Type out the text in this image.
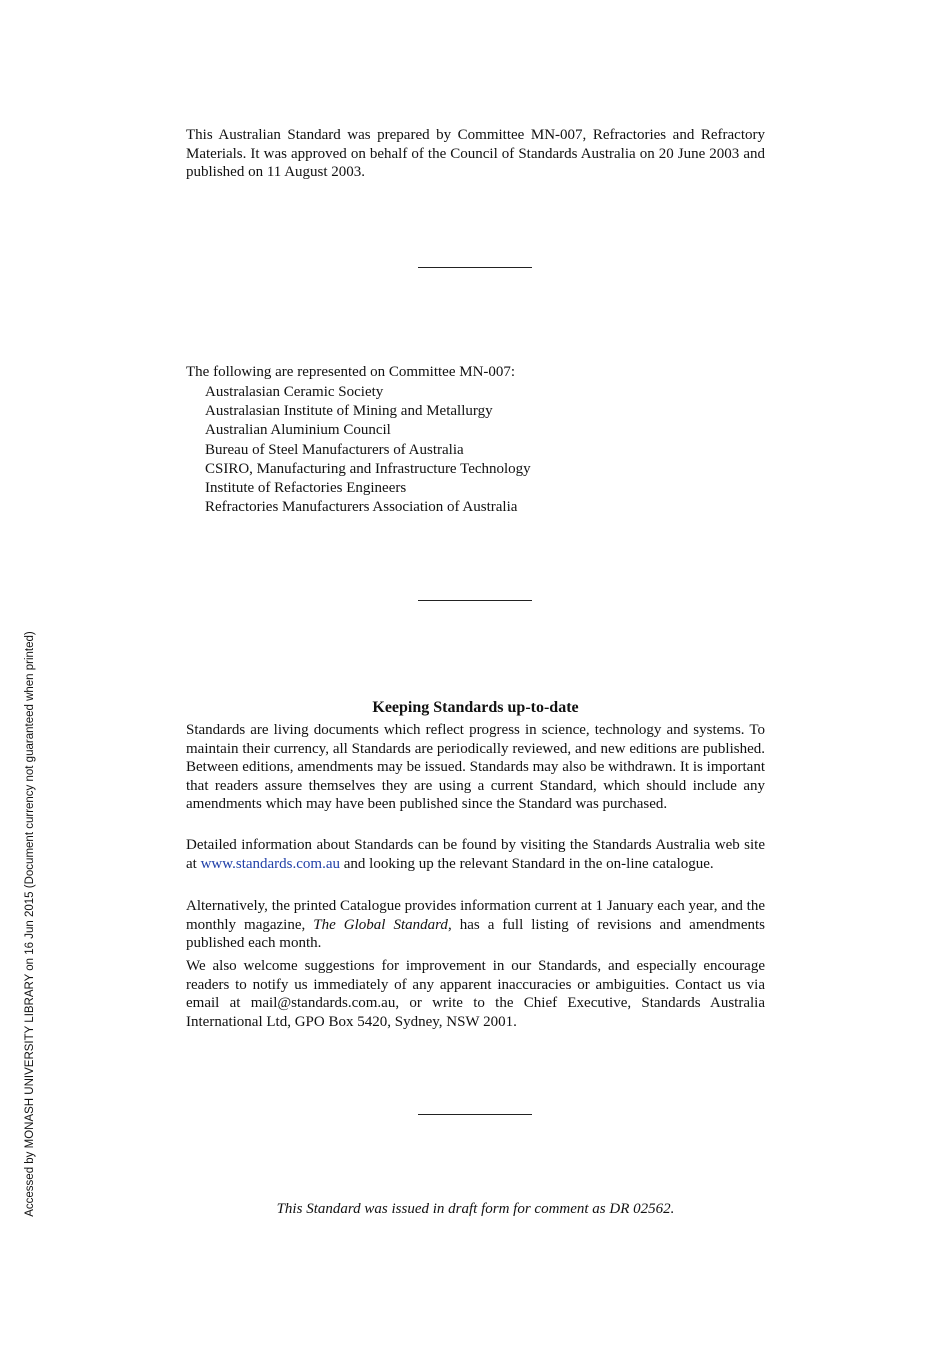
This Australian Standard was prepared by Committee MN-007, Refractories and Refractory Materials. It was approved on behalf of the Council of Standards Australia on 20 June 2003 and published on 11 August 2003.

The following are represented on Committee MN-007:
Australasian Ceramic Society
Australasian Institute of Mining and Metallurgy
Australian Aluminium Council
Bureau of Steel Manufacturers of Australia
CSIRO, Manufacturing and Infrastructure Technology
Institute of Refactories Engineers
Refractories Manufacturers Association of Australia
Keeping Standards up-to-date

Standards are living documents which reflect progress in science, technology and systems. To maintain their currency, all Standards are periodically reviewed, and new editions are published. Between editions, amendments may be issued. Standards may also be withdrawn. It is important that readers assure themselves they are using a current Standard, which should include any amendments which may have been published since the Standard was purchased.

Detailed information about Standards can be found by visiting the Standards Australia web site at www.standards.com.au and looking up the relevant Standard in the on-line catalogue.

Alternatively, the printed Catalogue provides information current at 1 January each year, and the monthly magazine, The Global Standard, has a full listing of revisions and amendments published each month.

We also welcome suggestions for improvement in our Standards, and especially encourage readers to notify us immediately of any apparent inaccuracies or ambiguities. Contact us via email at mail@standards.com.au, or write to the Chief Executive, Standards Australia International Ltd, GPO Box 5420, Sydney, NSW 2001.

This Standard was issued in draft form for comment as DR 02562.
Accessed by MONASH UNIVERSITY LIBRARY on 16 Jun 2015 (Document currency not guaranteed when printed)
